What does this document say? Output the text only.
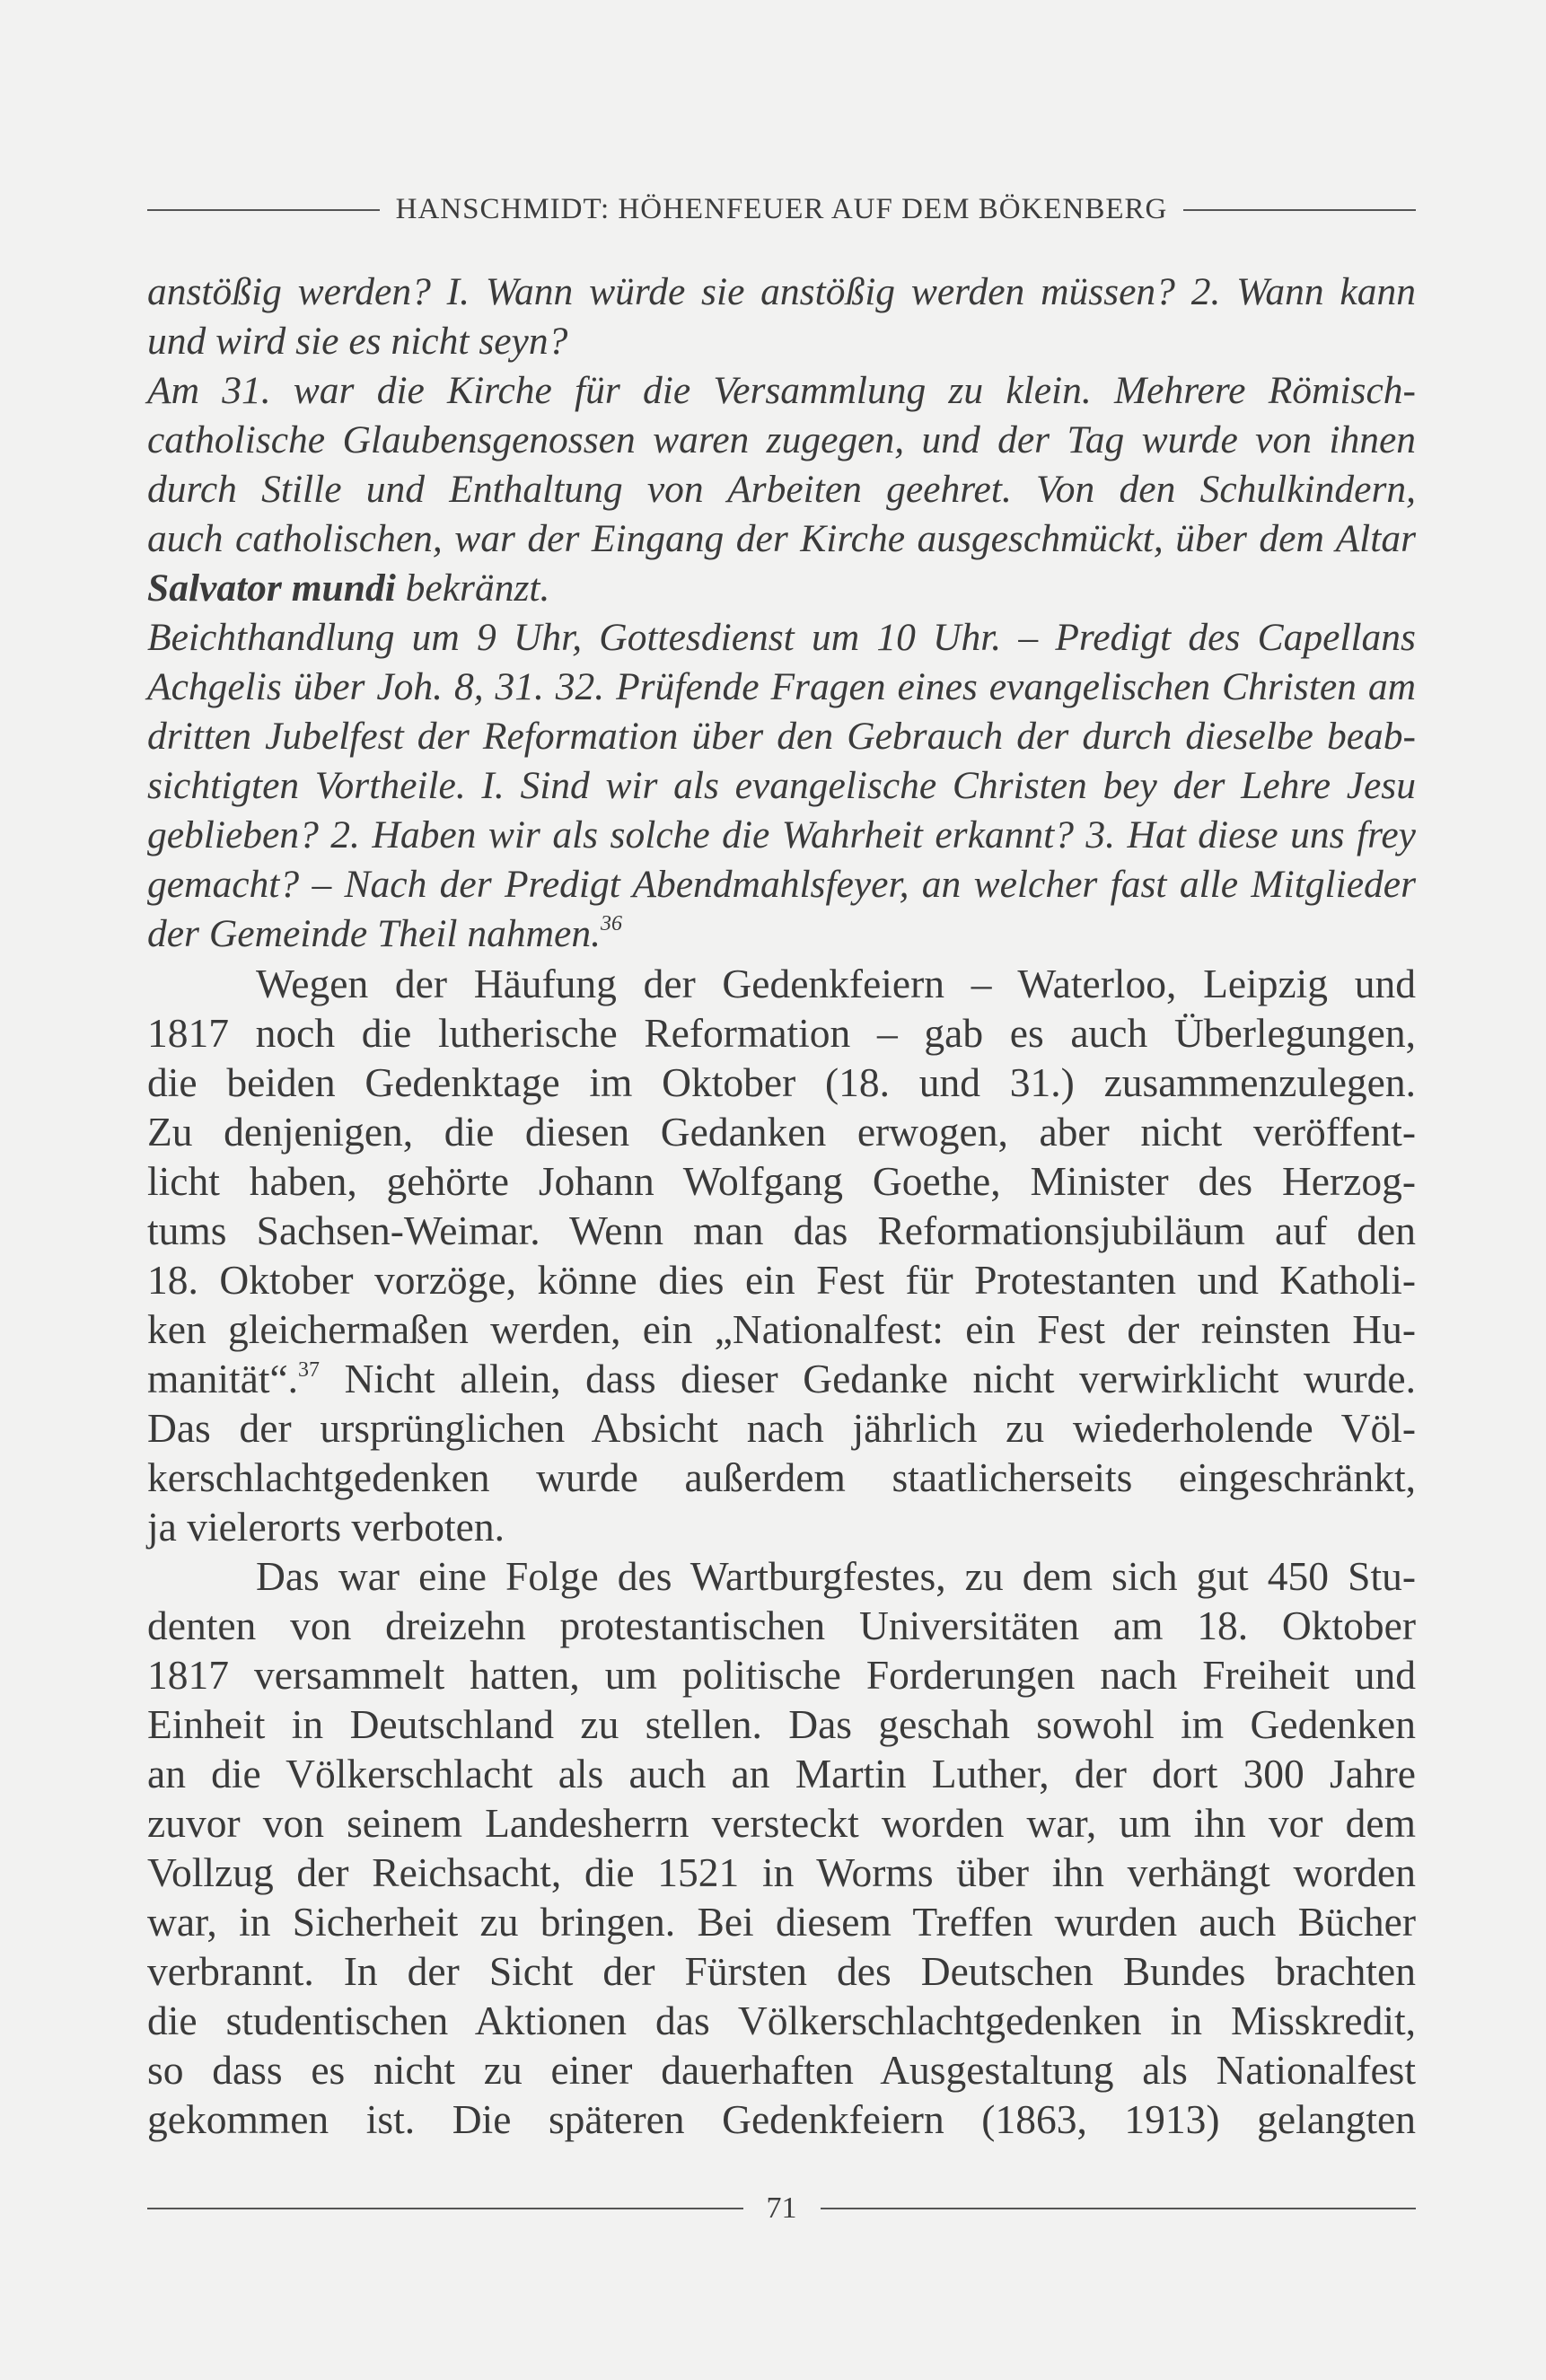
HANSCHMIDT: HÖHENFEUER AUF DEM BÖKENBERG
anstößig werden? I. Wann würde sie anstößig werden müssen? 2. Wann kann
und wird sie es nicht seyn?
Am 31. war die Kirche für die Versammlung zu klein. Mehrere Römisch-
catholische Glaubensgenossen waren zugegen, und der Tag wurde von ihnen
durch Stille und Enthaltung von Arbeiten geehret. Von den Schulkindern,
auch catholischen, war der Eingang der Kirche ausgeschmückt, über dem Altar
Salvator mundi bekränzt.
Beichthandlung um 9 Uhr, Gottesdienst um 10 Uhr. – Predigt des Capellans
Achgelis über Joh. 8, 31. 32. Prüfende Fragen eines evangelischen Christen am
dritten Jubelfest der Reformation über den Gebrauch der durch dieselbe beab-
sichtigten Vortheile. I. Sind wir als evangelische Christen bey der Lehre Jesu
geblieben? 2. Haben wir als solche die Wahrheit erkannt? 3. Hat diese uns frey
gemacht? – Nach der Predigt Abendmahlsfeyer, an welcher fast alle Mitglieder
der Gemeinde Theil nahmen.$^{36}$
Wegen der Häufung der Gedenkfeiern – Waterloo, Leipzig und
1817 noch die lutherische Reformation – gab es auch Überlegungen,
die beiden Gedenktage im Oktober (18. und 31.) zusammenzulegen.
Zu denjenigen, die diesen Gedanken erwogen, aber nicht veröffent-
licht haben, gehörte Johann Wolfgang Goethe, Minister des Herzog-
tums Sachsen-Weimar. Wenn man das Reformationsjubiläum auf den
18. Oktober vorzöge, könne dies ein Fest für Protestanten und Katholi-
ken gleichermaßen werden, ein „Nationalfest: ein Fest der reinsten Hu-
manität“.$^{37}$ Nicht allein, dass dieser Gedanke nicht verwirklicht wurde.
Das der ursprünglichen Absicht nach jährlich zu wiederholende Völ-
kerschlachtgedenken wurde außerdem staatlicherseits eingeschränkt,
ja vielerorts verboten.
Das war eine Folge des Wartburgfestes, zu dem sich gut 450 Stu-
denten von dreizehn protestantischen Universitäten am 18. Oktober
1817 versammelt hatten, um politische Forderungen nach Freiheit und
Einheit in Deutschland zu stellen. Das geschah sowohl im Gedenken
an die Völkerschlacht als auch an Martin Luther, der dort 300 Jahre
zuvor von seinem Landesherrn versteckt worden war, um ihn vor dem
Vollzug der Reichsacht, die 1521 in Worms über ihn verhängt worden
war, in Sicherheit zu bringen. Bei diesem Treffen wurden auch Bücher
verbrannt. In der Sicht der Fürsten des Deutschen Bundes brachten
die studentischen Aktionen das Völkerschlachtgedenken in Misskredit,
so dass es nicht zu einer dauerhaften Ausgestaltung als Nationalfest
gekommen ist. Die späteren Gedenkfeiern (1863, 1913) gelangten
71
